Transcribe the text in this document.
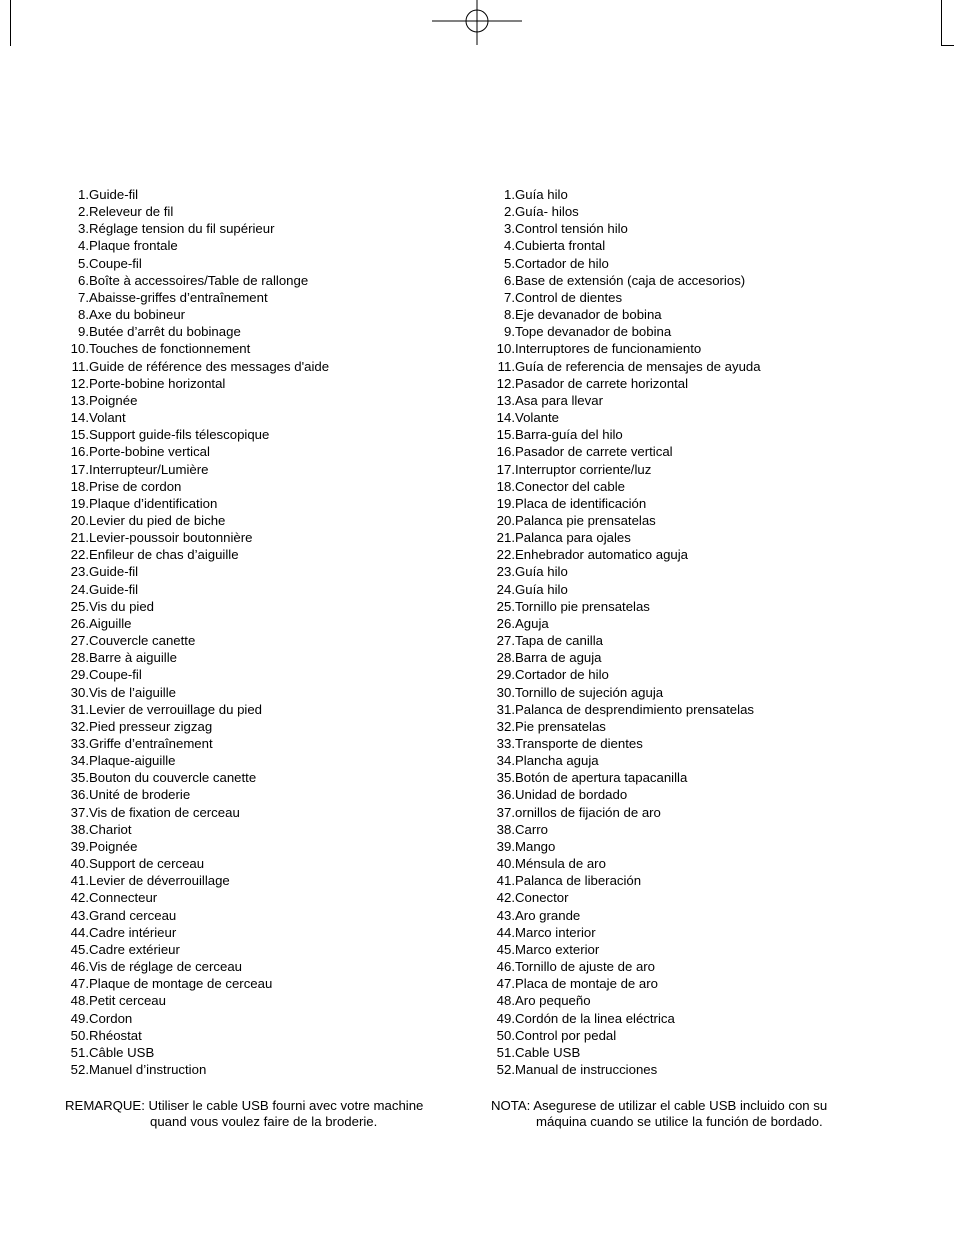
1.Guide-fil
2.Releveur de fil
3.Réglage tension du fil supérieur
4.Plaque frontale
5.Coupe-fil
6.Boîte à accessoires/Table de rallonge
7.Abaisse-griffes d’entraînement
8.Axe du bobineur
9.Butée d’arrêt du bobinage
10.Touches de fonctionnement
11.Guide de référence des messages d'aide
12.Porte-bobine horizontal
13.Poignée
14.Volant
15.Support guide-fils télescopique
16.Porte-bobine vertical
17.Interrupteur/Lumière
18.Prise de cordon
19.Plaque d’identification
20.Levier du pied de biche
21.Levier-poussoir boutonnière
22.Enfileur de chas d’aiguille
23.Guide-fil
24.Guide-fil
25.Vis du pied
26.Aiguille
27.Couvercle canette
28.Barre à aiguille
29.Coupe-fil
30.Vis de l’aiguille
31.Levier de verrouillage du pied
32.Pied presseur zigzag
33.Griffe d’entraînement
34.Plaque-aiguille
35.Bouton du couvercle canette
36.Unité de broderie
37.Vis de fixation de cerceau
38.Chariot
39.Poignée
40.Support de cerceau
41.Levier de déverrouillage
42.Connecteur
43.Grand cerceau
44.Cadre intérieur
45.Cadre extérieur
46.Vis de réglage de cerceau
47.Plaque de montage de cerceau
48.Petit cerceau
49.Cordon
50.Rhéostat
51.Câble USB
52.Manuel d’instruction
1.Guía hilo
2.Guía- hilos
3.Control tensión hilo
4.Cubierta frontal
5.Cortador de hilo
6.Base de extensión (caja de accesorios)
7.Control de dientes
8.Eje devanador de bobina
9.Tope devanador de bobina
10.Interruptores de funcionamiento
11.Guía de referencia de mensajes de ayuda
12.Pasador de carrete horizontal
13.Asa para llevar
14.Volante
15.Barra-guía del hilo
16.Pasador de carrete vertical
17.Interruptor corriente/luz
18.Conector del cable
19.Placa de identificación
20.Palanca pie prensatelas
21.Palanca para ojales
22.Enhebrador automatico aguja
23.Guía hilo
24.Guía hilo
25.Tornillo pie prensatelas
26.Aguja
27.Tapa de canilla
28.Barra de aguja
29.Cortador de hilo
30.Tornillo de sujeción aguja
31.Palanca de desprendimiento prensatelas
32.Pie prensatelas
33.Transporte de dientes
34.Plancha aguja
35.Botón de apertura tapacanilla
36.Unidad de bordado
37.ornillos de fijación de aro
38.Carro
39.Mango
40.Ménsula de aro
41.Palanca de liberación
42.Conector
43.Aro grande
44.Marco interior
45.Marco exterior
46.Tornillo de ajuste de aro
47.Placa de montaje de aro
48.Aro pequeño
49.Cordón de la linea eléctrica
50.Control por pedal
51.Cable USB
52.Manual de instrucciones
REMARQUE: Utiliser le cable USB fourni avec votre machine
quand vous voulez faire de la broderie.
NOTA: Asegurese de utilizar el cable USB incluido con su
máquina cuando se utilice la función de bordado.
